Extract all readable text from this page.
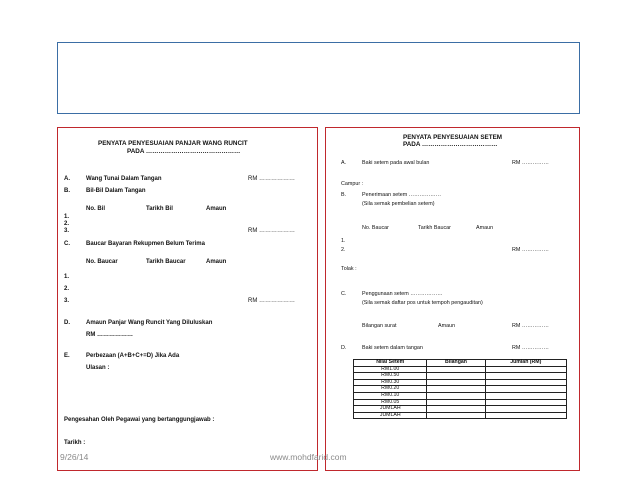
PENYATA PENYESUAIAN PANJAR WANG RUNCIT
PADA ………………………………………
A.	Wang Tunai Dalam Tangan	RM ………………
B.	Bil-Bil Dalam Tangan
No. Bil	Tarikh Bil	Amaun
1.
2.
3.	RM ………………
C.	Baucar Bayaran Rekupmen Belum Terima
No. Baucar	Tarikh Baucar	Amaun
1.
2.
3.	RM ………………
D.	Amaun Panjar Wang Runcit Yang Diluluskan
RM ………………
E.	Perbezaan (A+B+C+=D) Jika Ada
Ulasan :
Pengesahan Oleh Pegawai yang bertanggungjawab :
Tarikh :
PENYATA PENYESUAIAN SETEM
PADA ………………………………
A.	Baki setem pada awal bulan	RM ……………
Campur :
B.	Penerimaan setem ………………
(Sila semak pembelian setem)
No. Baucar	Tarikh Baucar	Amaun
1.
2.	RM ……………
Tolak :
C.	Penggunaan setem ………………
(Sila semak daftar pos untuk tempoh pengauditan)
Bilangan surat	Amaun	RM ……………
D.	Baki setem dalam tangan	RM ……………
Nilai Setem	Bilangan	Jumlah (RM)
RM1.00		
RM0.50		
RM0.30		
RM0.20		
RM0.10		
RM0.05		
JUMLAH		
JUMLAH		
9/26/14	www.mohdfarid.com
